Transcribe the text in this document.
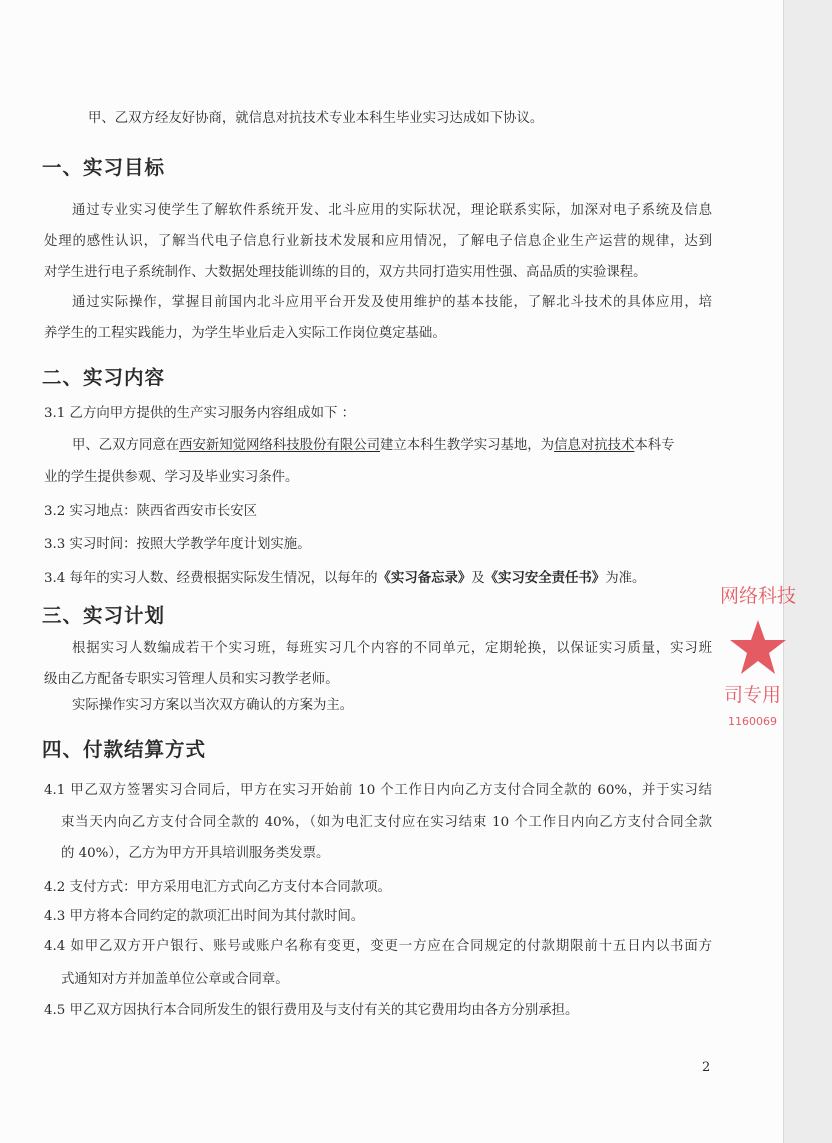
甲、乙双方经友好协商，就信息对抗技术专业本科生毕业实习达成如下协议。
一、实习目标
通过专业实习使学生了解软件系统开发、北斗应用的实际状况，理论联系实际，加深对电子系统及信息
处理的感性认识，了解当代电子信息行业新技术发展和应用情况，了解电子信息企业生产运营的规律，达到
对学生进行电子系统制作、大数据处理技能训练的目的，双方共同打造实用性强、高品质的实验课程。
通过实际操作，掌握目前国内北斗应用平台开发及使用维护的基本技能，了解北斗技术的具体应用，培
养学生的工程实践能力，为学生毕业后走入实际工作岗位奠定基础。
二、实习内容
3.1 乙方向甲方提供的生产实习服务内容组成如下 ：
甲、乙双方同意在西安新知觉网络科技股份有限公司建立本科生教学实习基地，为信息对抗技术本科专
业的学生提供参观、学习及毕业实习条件。
3.2 实习地点：陕西省西安市长安区
3.3 实习时间：按照大学教学年度计划实施。
3.4 每年的实习人数、经费根据实际发生情况，以每年的《实习备忘录》及《实习安全责任书》为准。
三、实习计划
根据实习人数编成若干个实习班，每班实习几个内容的不同单元，定期轮换，以保证实习质量，实习班
级由乙方配备专职实习管理人员和实习教学老师。
实际操作实习方案以当次双方确认的方案为主。
四、付款结算方式
4.1 甲乙双方签署实习合同后，甲方在实习开始前 10 个工作日内向乙方支付合同全款的 60%，并于实习结
束当天内向乙方支付合同全款的 40%，（如为电汇支付应在实习结束 10 个工作日内向乙方支付合同全款
的 40%），乙方为甲方开具培训服务类发票。
4.2 支付方式：甲方采用电汇方式向乙方支付本合同款项。
4.3 甲方将本合同约定的款项汇出时间为其付款时间。
4.4 如甲乙双方开户银行、账号或账户名称有变更，变更一方应在合同规定的付款期限前十五日内以书面方
式通知对方并加盖单位公章或合同章。
4.5 甲乙双方因执行本合同所发生的银行费用及与支付有关的其它费用均由各方分别承担。
网络科技
司专用
1160069
2
